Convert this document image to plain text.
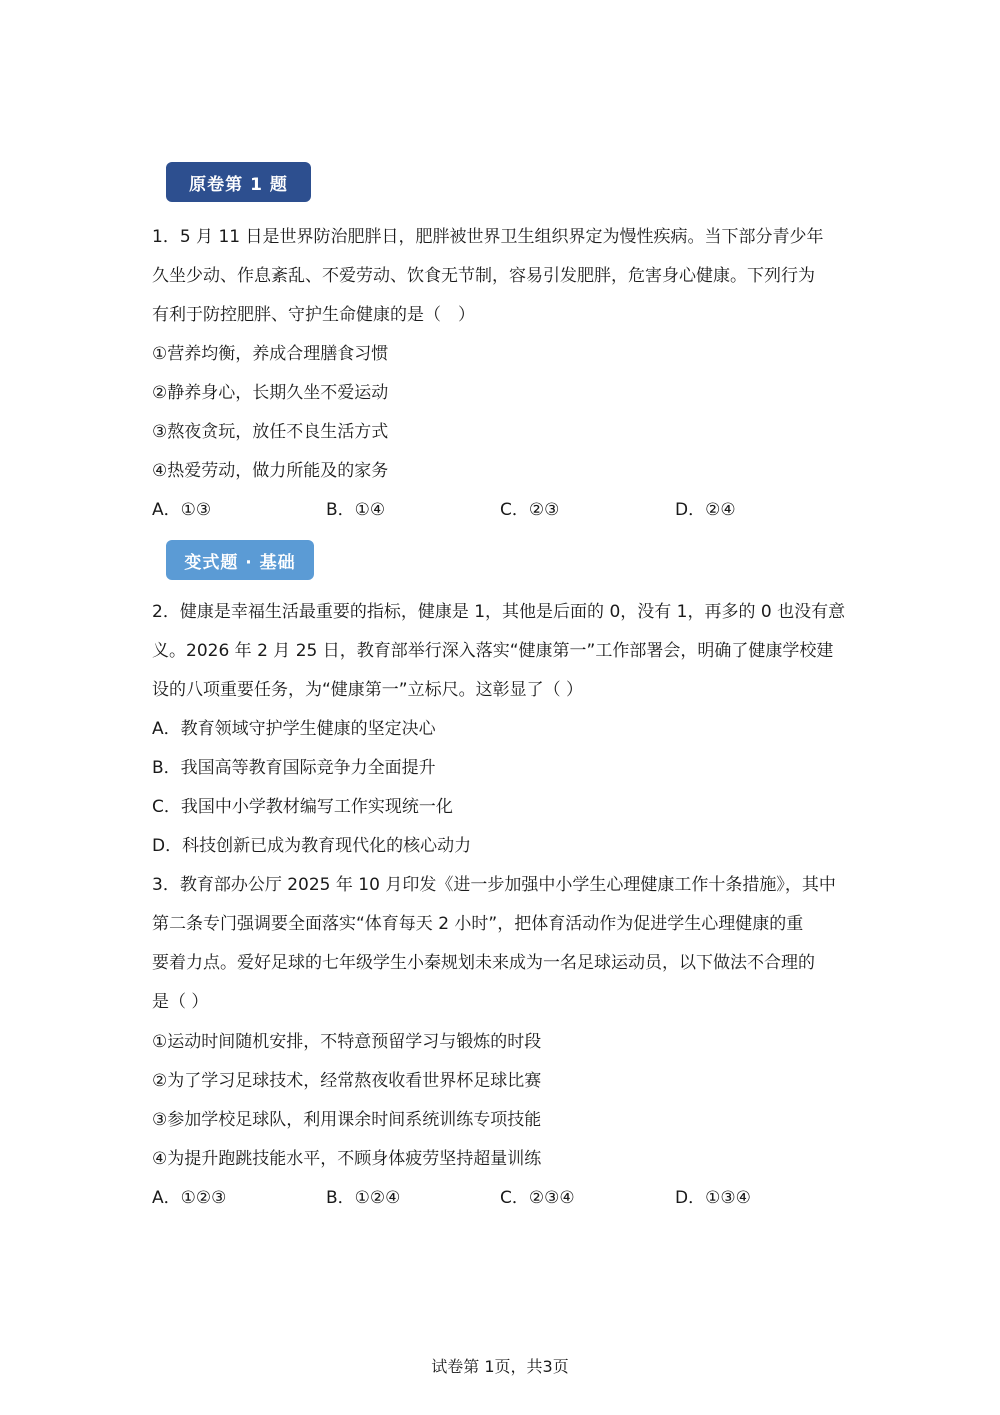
原卷第 1 题
1．5 月 11 日是世界防治肥胖日，肥胖被世界卫生组织界定为慢性疾病。当下部分青少年
久坐少动、作息紊乱、不爱劳动、饮食无节制，容易引发肥胖，危害身心健康。下列行为
有利于防控肥胖、守护生命健康的是（　）
①营养均衡，养成合理膳食习惯
②静养身心，长期久坐不爱运动
③熬夜贪玩，放任不良生活方式
④热爱劳动，做力所能及的家务
A．①③	B．①④	C．②③	D．②④
变式题 · 基础
2．健康是幸福生活最重要的指标，健康是 1，其他是后面的 0，没有 1，再多的 0 也没有意
义。2026 年 2 月 25 日，教育部举行深入落实“健康第一”工作部署会，明确了健康学校建
设的八项重要任务，为“健康第一”立标尺。这彰显了（ ）
A．教育领域守护学生健康的坚定决心
B．我国高等教育国际竞争力全面提升
C．我国中小学教材编写工作实现统一化
D．科技创新已成为教育现代化的核心动力
3．教育部办公厅 2025 年 10 月印发《进一步加强中小学生心理健康工作十条措施》，其中
第二条专门强调要全面落实“体育每天 2 小时”，把体育活动作为促进学生心理健康的重
要着力点。爱好足球的七年级学生小秦规划未来成为一名足球运动员，以下做法不合理的
是（ ）
①运动时间随机安排，不特意预留学习与锻炼的时段
②为了学习足球技术，经常熬夜收看世界杯足球比赛
③参加学校足球队，利用课余时间系统训练专项技能
④为提升跑跳技能水平，不顾身体疲劳坚持超量训练
A．①②③	B．①②④	C．②③④	D．①③④
试卷第 1页，共3页
